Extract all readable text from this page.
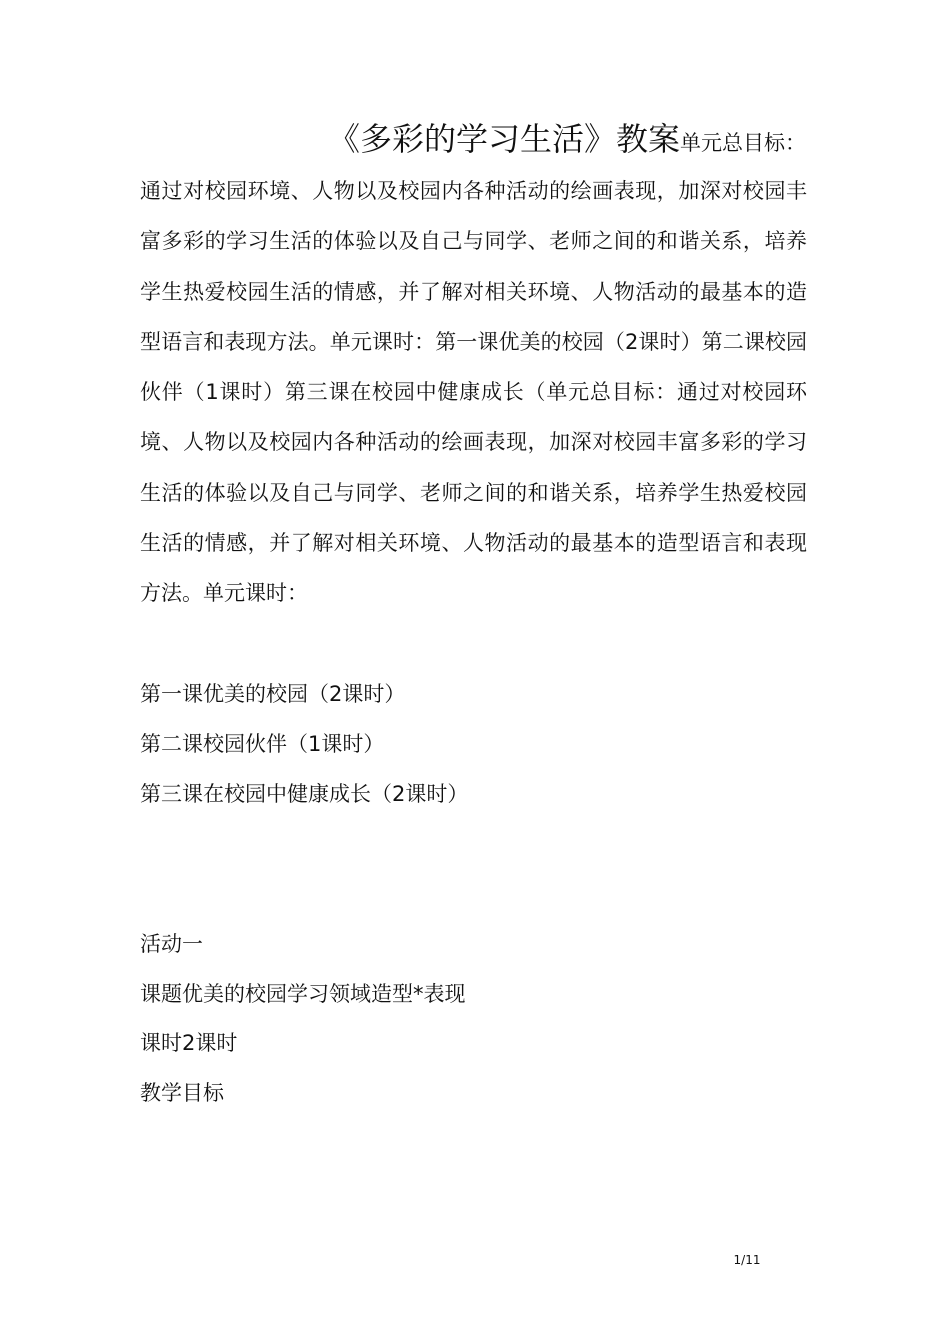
《多彩的学习生活》教案单元总目标：

通过对校园环境、人物以及校园内各种活动的绘画表现，加深对校园丰富多彩的学习生活的体验以及自己与同学、老师之间的和谐关系，培养学生热爱校园生活的情感，并了解对相关环境、人物活动的最基本的造型语言和表现方法。单元课时：第一课优美的校园（2课时）第二课校园伙伴（1课时）第三课在校园中健康成长（单元总目标：通过对校园环境、人物以及校园内各种活动的绘画表现，加深对校园丰富多彩的学习生活的体验以及自己与同学、老师之间的和谐关系，培养学生热爱校园生活的情感，并了解对相关环境、人物活动的最基本的造型语言和表现方法。单元课时：

第一课优美的校园（2课时）

第二课校园伙伴（1课时）

第三课在校园中健康成长（2课时）

活动一

课题优美的校园学习领域造型*表现

课时2课时

教学目标

1/11
